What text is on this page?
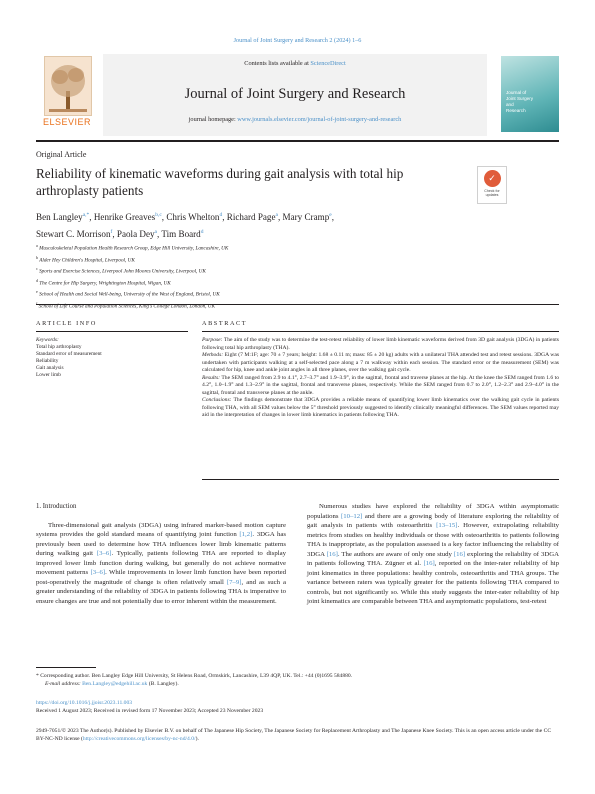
Journal of Joint Surgery and Research 2 (2024) 1–6
ELSEVIER
Contents lists available at ScienceDirect
Journal of Joint Surgery and Research
journal homepage: www.journals.elsevier.com/journal-of-joint-surgery-and-research
Journal of
Joint Surgery
and
Research
Original Article
Reliability of kinematic waveforms during gait analysis with total hip arthroplasty patients
✓
Check for updates
Ben Langley$^{a,*}$, Henrike Greaves$^{b,c}$, Chris Whelton$^d$, Richard Page$^a$, Mary Cramp$^e$,
Stewart C. Morrison$^f$, Paola Dey$^a$, Tim Board$^d$
$^a$ Musculoskeletal Population Health Research Group, Edge Hill University, Lancashire, UK
$^b$ Alder Hey Children's Hospital, Liverpool, UK
$^c$ Sports and Exercise Sciences, Liverpool John Moores University, Liverpool, UK
$^d$ The Centre for Hip Surgery, Wrightington Hospital, Wigan, UK
$^e$ School of Health and Social Well-being, University of the West of England, Bristol, UK
School of Life Course and Population Sciences, King's College London, London, UK
ARTICLE INFO	ABSTRACT
Keywords:
Total hip arthroplasty
Standard error of measurement
Reliability
Gait analysis
Lower limb

Purpose: The aim of the study was to determine the test-retest reliability of lower limb kinematic waveforms derived from 3D gait analysis (3DGA) in patients following total hip arthroplasty (THA).

Methods: Eight (7 M:1F; age: 70 ± 7 years; height: 1.68 ± 0.11 m; mass: 85 ± 20 kg) adults with a unilateral THA attended test and retest sessions. 3DGA was undertaken with participants walking at a self-selected pace along a 7 m walkway within each session. The standard error or the measurement (SEM) was calculated for hip, knee and ankle joint angles in all three planes, over the walking gait cycle.

Results: The SEM ranged from 2.9 to 4.1°, 2.7–3.7° and 1.9–3.9°, in the sagittal, frontal and traverse planes at the hip. At the knee the SEM ranged from 1.6 to 4.2°, 1.0–1.9° and 1.3–2.9° in the sagittal, frontal and transverse planes, respectively. While the SEM ranged from 0.7 to 2.0°, 1.2–2.3° and 2.9–4.0° in the sagittal, frontal and transverse planes at the ankle.

Conclusions: The findings demonstrate that 3DGA provides a reliable means of quantifying lower limb kinematics over the walking gait cycle in patients following THA, with all SEM values below the 5° threshold previously suggested to identify clinically meaningful differences. The SEM values reported may aid in the interpretation of changes in lower limb kinematics in patients following THA.

1. Introduction

Three-dimensional gait analysis (3DGA) using infrared marker-based motion capture systems provides the gold standard means of quantifying joint function [1,2]. 3DGA has previously been used to determine how THA influences lower limb kinematic patterns during walking gait [3–6]. Typically, patients following THA are reported to display improved lower limb function during walking, but generally do not achieve normative movement patterns [3–6]. While improvements in lower limb function have been reported post-operatively the magnitude of change is often relatively small [7–9], and as such a greater understanding of the reliability of 3DGA in patients following THA is imperative to ensure changes are true and not potentially due to error inherent within the measurement.

Numerous studies have explored the reliability of 3DGA within asymptomatic populations [10–12] and there are a growing body of literature exploring the reliability of gait analysis in patients with osteoarthritis [13–15]. However, extrapolating reliability metrics from studies on healthy individuals or those with osteoarthritis to patients following THA is inappropriate, as the population assessed is a key factor influencing the reliability of 3DGA [16]. The authors are aware of only one study [16] exploring the reliability of 3DGA in patients following THA. Zügner et al. [16], reported on the inter-rater reliability of hip joint kinematics in three populations: healthy controls, osteoarthritis and THA groups. The variance between raters was typically greater for the patients following THA compared to controls, but not significantly so. While this study suggests the inter-rater reliability of hip joint kinematics are comparable between THA and asymptomatic populations, test-retest

* Corresponding author. Ben Langley Edge Hill University, St Helens Road, Ormskirk, Lancashire, L39 4QP, UK. Tel.: +44 (0)1695 584880.
E-mail address: Ben.Langley@edgehill.ac.uk (B. Langley).
https://doi.org/10.1016/j.jjoisr.2023.11.003
Received 1 August 2023; Received in revised form 17 November 2023; Accepted 23 November 2023
2949-7051/© 2023 The Author(s). Published by Elsevier B.V. on behalf of The Japanese Hip Society, The Japanese Society for Replacement Arthroplasty and The Japanese Knee Society. This is an open access article under the CC BY-NC-ND license (http://creativecommons.org/licenses/by-nc-nd/4.0/).
